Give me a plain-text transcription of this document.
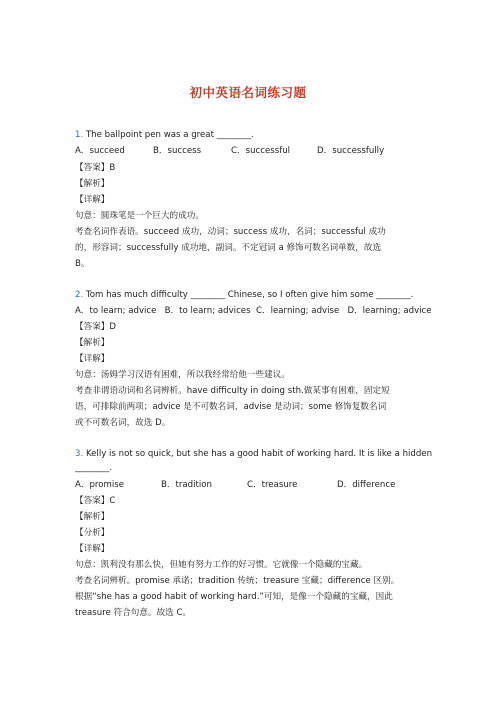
初中英语名词练习题
1. The ballpoint pen was a great ________.
A．succeed	B．success	C．successful	D．successfully
【答案】B
【解析】
【详解】
句意：圆珠笔是一个巨大的成功。
考查名词作表语。succeed 成功，动词；success 成功，名词；successful 成功
的，形容词；successfully 成功地，副词。不定冠词 a 修饰可数名词单数，故选
B。
2. Tom has much difficulty ________ Chinese, so I often give him some ________.
A．to learn; advice   B．to learn; advices  C．learning; advise   D．learning; advice
【答案】D
【解析】
【详解】
句意：汤姆学习汉语有困难，所以我经常给他一些建议。
考查非谓语动词和名词辨析。have difficulty in doing sth.做某事有困难，固定短
语，可排除前两项；advice 是不可数名词，advise 是动词；some 修饰复数名词
或不可数名词，故选 D。
3. Kelly is not so quick, but she has a good habit of working hard. It is like a hidden
________.
A．promise	B．tradition	C．treasure	D．difference
【答案】C
【解析】
【分析】
【详解】
句意：凯利没有那么快，但她有努力工作的好习惯。它就像一个隐藏的宝藏。
考查名词辨析。promise 承诺；tradition 传统；treasure 宝藏；difference 区别。
根据“she has a good habit of working hard.”可知，是像一个隐藏的宝藏，因此
treasure 符合句意。故选 C。
